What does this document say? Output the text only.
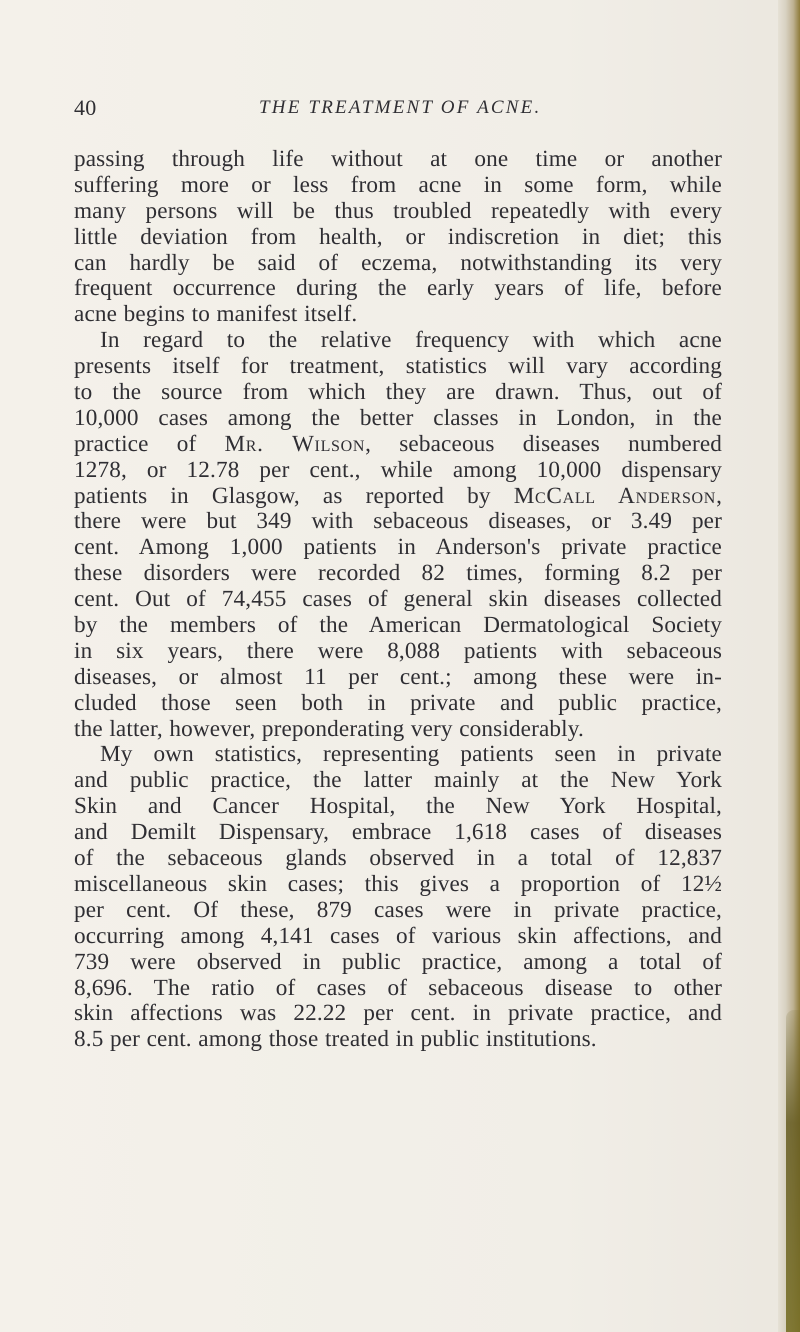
40	THE TREATMENT OF ACNE.
passing through life without at one time or another
suffering more or less from acne in some form, while
many persons will be thus troubled repeatedly with every
little deviation from health, or indiscretion in diet; this
can hardly be said of eczema, notwithstanding its very
frequent occurrence during the early years of life, before
acne begins to manifest itself.
In regard to the relative frequency with which acne
presents itself for treatment, statistics will vary according
to the source from which they are drawn. Thus, out of
10,000 cases among the better classes in London, in the
practice of Mr. Wilson, sebaceous diseases numbered
1278, or 12.78 per cent., while among 10,000 dispensary
patients in Glasgow, as reported by McCall Anderson,
there were but 349 with sebaceous diseases, or 3.49 per
cent. Among 1,000 patients in Anderson's private practice
these disorders were recorded 82 times, forming 8.2 per
cent. Out of 74,455 cases of general skin diseases collected
by the members of the American Dermatological Society
in six years, there were 8,088 patients with sebaceous
diseases, or almost 11 per cent.; among these were in-
cluded those seen both in private and public practice,
the latter, however, preponderating very considerably.
My own statistics, representing patients seen in private
and public practice, the latter mainly at the New York
Skin and Cancer Hospital, the New York Hospital,
and Demilt Dispensary, embrace 1,618 cases of diseases
of the sebaceous glands observed in a total of 12,837
miscellaneous skin cases; this gives a proportion of 12½
per cent. Of these, 879 cases were in private practice,
occurring among 4,141 cases of various skin affections, and
739 were observed in public practice, among a total of
8,696. The ratio of cases of sebaceous disease to other
skin affections was 22.22 per cent. in private practice, and
8.5 per cent. among those treated in public institutions.
